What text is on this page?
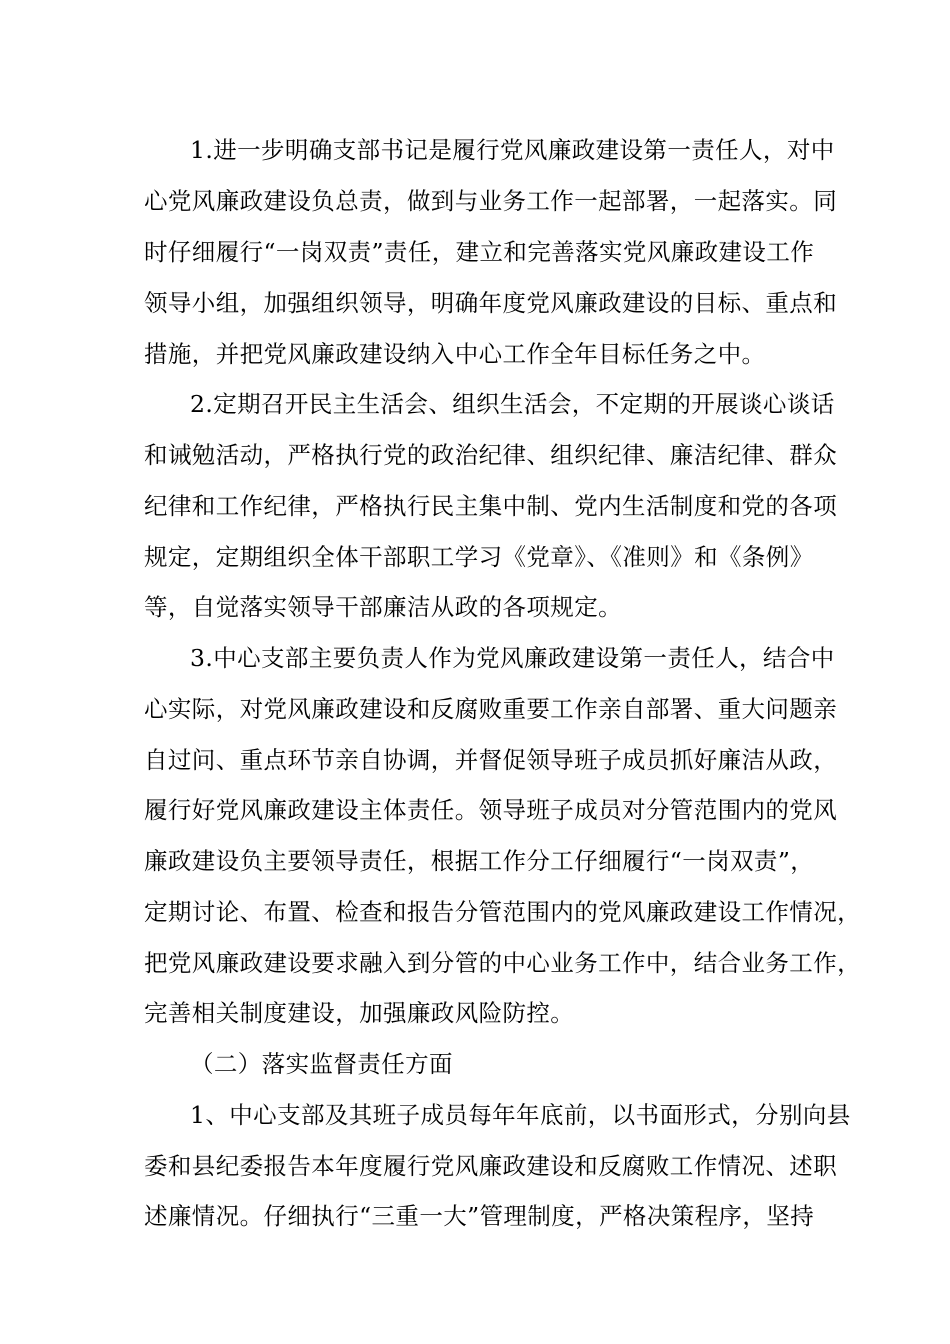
1.进一步明确支部书记是履行党风廉政建设第一责任人，对中

心党风廉政建设负总责，做到与业务工作一起部署，一起落实。同

时仔细履行“一岗双责”责任，建立和完善落实党风廉政建设工作

领导小组，加强组织领导，明确年度党风廉政建设的目标、重点和

措施，并把党风廉政建设纳入中心工作全年目标任务之中。

2.定期召开民主生活会、组织生活会，不定期的开展谈心谈话

和诫勉活动，严格执行党的政治纪律、组织纪律、廉洁纪律、群众

纪律和工作纪律，严格执行民主集中制、党内生活制度和党的各项

规定，定期组织全体干部职工学习《党章》、《准则》和《条例》

等，自觉落实领导干部廉洁从政的各项规定。

3.中心支部主要负责人作为党风廉政建设第一责任人，结合中

心实际，对党风廉政建设和反腐败重要工作亲自部署、重大问题亲

自过问、重点环节亲自协调，并督促领导班子成员抓好廉洁从政，

履行好党风廉政建设主体责任。领导班子成员对分管范围内的党风

廉政建设负主要领导责任，根据工作分工仔细履行“一岗双责”，

定期讨论、布置、检查和报告分管范围内的党风廉政建设工作情况，

把党风廉政建设要求融入到分管的中心业务工作中，结合业务工作，

完善相关制度建设，加强廉政风险防控。

（二）落实监督责任方面

1、中心支部及其班子成员每年年底前，以书面形式，分别向县

委和县纪委报告本年度履行党风廉政建设和反腐败工作情况、述职

述廉情况。仔细执行“三重一大”管理制度，严格决策程序，坚持
